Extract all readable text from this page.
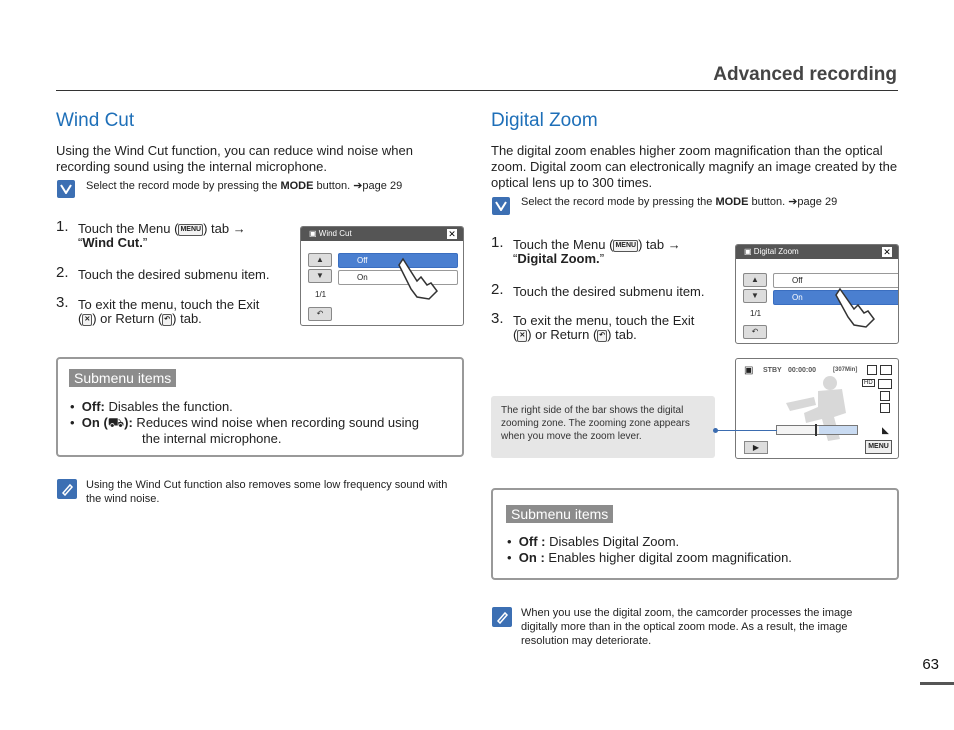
Advanced recording
Wind Cut
Using the Wind Cut function, you can reduce wind noise when recording sound using the internal microphone.
Select the record mode by pressing the MODE button. ➔page 29
1. Touch the Menu ( MENU ) tab →
“Wind Cut.”
2. Touch the desired submenu item.
3. To exit the menu, touch the Exit
( ✕ ) or Return ( ↶ ) tab.
▣ Wind Cut	✕
▲
▼
Off
On
1/1
↶
Submenu items
•  Off: Disables the function.
•  On (⛟): Reduces wind noise when recording sound using
the internal microphone.
Using the Wind Cut function also removes some low frequency sound with the wind noise.
Digital Zoom
The digital zoom enables higher zoom magnification than the optical zoom. Digital zoom can electronically magnify an image created by the optical lens up to 300 times.
Select the record mode by pressing the MODE button. ➔page 29
1. Touch the Menu ( MENU ) tab →
“Digital Zoom.”
2. Touch the desired submenu item.
3. To exit the menu, touch the Exit
( ✕ ) or Return ( ↶ ) tab.
▣ Digital Zoom	✕
▲
▼
Off
On
1/1
↶
▣ STBY 00:00:00	[307Min]
HD
◣
▶	MENU
The right side of the bar shows the digital zooming zone. The zooming zone appears when you move the zoom lever.
Submenu items
•  Off : Disables Digital Zoom.
•  On : Enables higher digital zoom magnification.
When you use the digital zoom, the camcorder processes the image digitally more than in the optical zoom mode. As a result, the image resolution may deteriorate.
63
